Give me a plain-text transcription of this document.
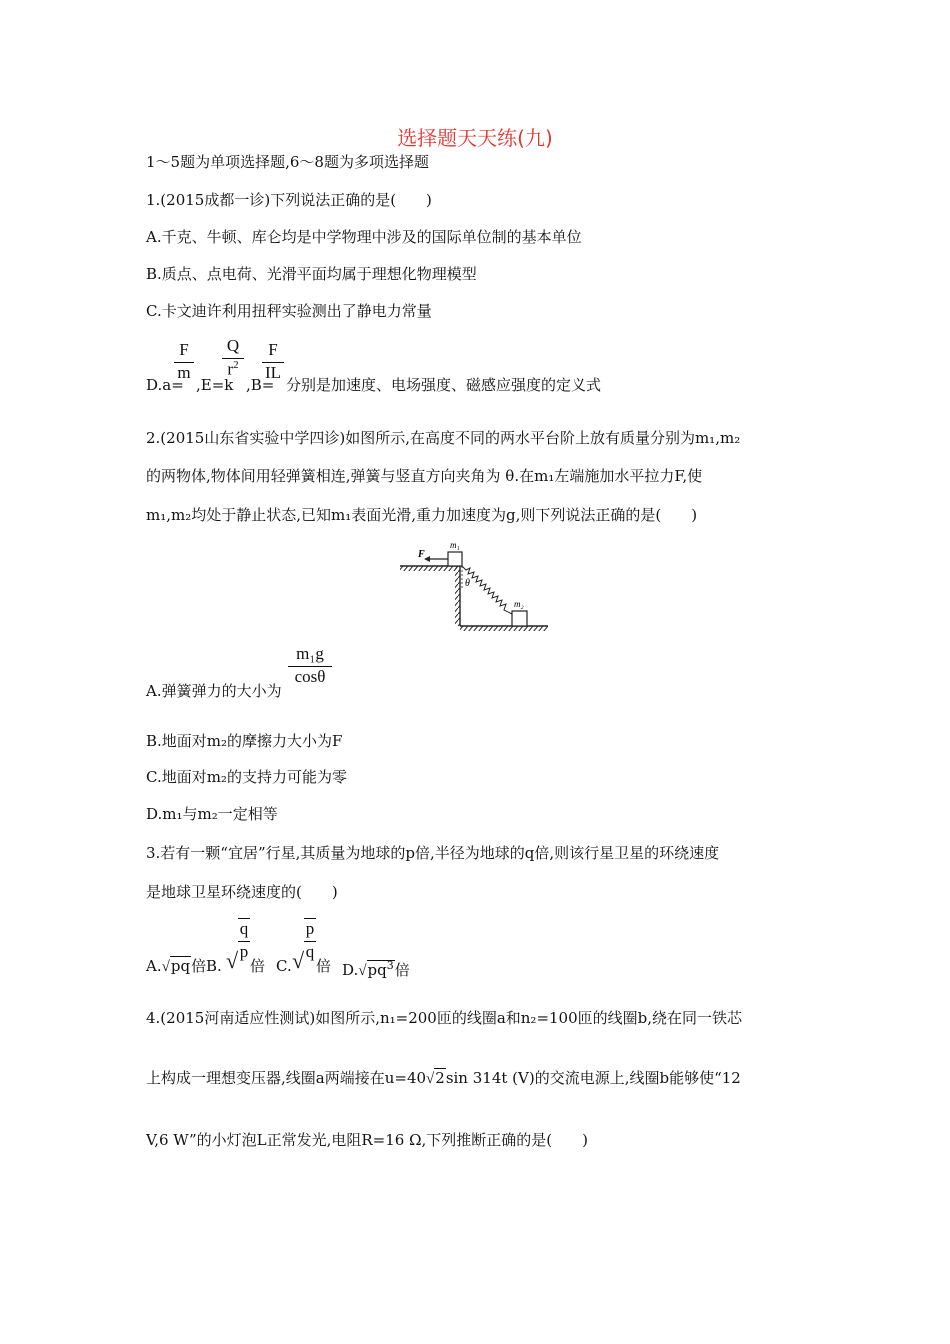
选择题天天练(九)
1～5题为单项选择题,6～8题为多项选择题
1.(2015成都一诊)下列说法正确的是(　　)
A.千克、牛顿、库仑均是中学物理中涉及的国际单位制的基本单位
B.质点、点电荷、光滑平面均属于理想化物理模型
C.卡文迪许利用扭秤实验测出了静电力常量
D.a=
$\frac{F}{m}$
,E=k
$\frac{Q}{r^2}$
,B=
$\frac{F}{IL}$
分别是加速度、电场强度、磁感应强度的定义式
2.(2015山东省实验中学四诊)如图所示,在高度不同的两水平台阶上放有质量分别为m₁,m₂
的两物体,物体间用轻弹簧相连,弹簧与竖直方向夹角为 θ.在m₁左端施加水平拉力F,使
m₁,m₂均处于静止状态,已知m₁表面光滑,重力加速度为g,则下列说法正确的是(　　)
θ
F
m₁
m₂
A.弹簧弹力的大小为
$\frac{\text{m₁g}}{\cos\theta}$
B.地面对m₂的摩擦力大小为F
C.地面对m₂的支持力可能为零
D.m₁与m₂一定相等
3.若有一颗“宜居”行星,其质量为地球的p倍,半径为地球的q倍,则该行星卫星的环绕速度
是地球卫星环绕速度的(　　)
A.√pq倍 B. √ $\frac{q}{p}$
倍 C. √ $\frac{p}{q}$
倍 $D.√pq^3$倍
4.(2015河南适应性测试)如图所示,n₁=200匝的线圈a和n₂=100匝的线圈b,绕在同一铁芯
上构成一理想变压器,线圈a两端接在u=40√2sin 314t (V)的交流电源上,线圈b能够使“12
V,6 W”的小灯泡L正常发光,电阻R=16 Ω,下列推断正确的是(　　)
